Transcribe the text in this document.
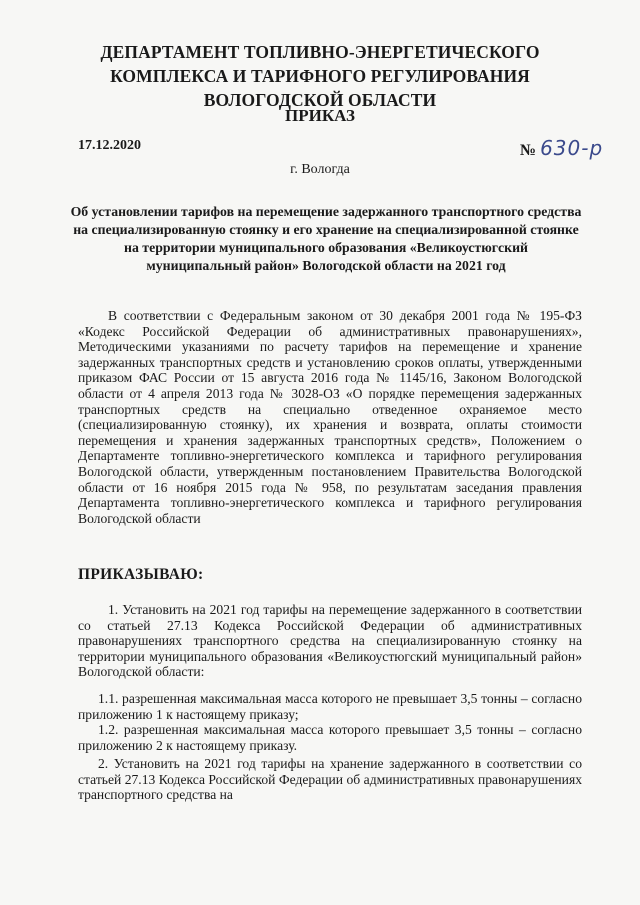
ДЕПАРТАМЕНТ ТОПЛИВНО-ЭНЕРГЕТИЧЕСКОГО КОМПЛЕКСА И ТАРИФНОГО РЕГУЛИРОВАНИЯ ВОЛОГОДСКОЙ ОБЛАСТИ
ПРИКАЗ
17.12.2020	№ 630-р
г. Вологда
Об установлении тарифов на перемещение задержанного транспортного средства на специализированную стоянку и его хранение на специализированной стоянке на территории муниципального образования «Великоустюгский муниципальный район» Вологодской области на 2021 год
В соответствии с Федеральным законом от 30 декабря 2001 года № 195-ФЗ «Кодекс Российской Федерации об административных правонарушениях», Методическими указаниями по расчету тарифов на перемещение и хранение задержанных транспортных средств и установлению сроков оплаты, утвержденными приказом ФАС России от 15 августа 2016 года № 1145/16, Законом Вологодской области от 4 апреля 2013 года № 3028-ОЗ «О порядке перемещения задержанных транспортных средств на специально отведенное охраняемое место (специализированную стоянку), их хранения и возврата, оплаты стоимости перемещения и хранения задержанных транспортных средств», Положением о Департаменте топливно-энергетического комплекса и тарифного регулирования Вологодской области, утвержденным постановлением Правительства Вологодской области от 16 ноября 2015 года № 958, по результатам заседания правления Департамента топливно-энергетического комплекса и тарифного регулирования Вологодской области
ПРИКАЗЫВАЮ:
1. Установить на 2021 год тарифы на перемещение задержанного в соответствии со статьей 27.13 Кодекса Российской Федерации об административных правонарушениях транспортного средства на специализированную стоянку на территории муниципального образования «Великоустюгский муниципальный район» Вологодской области:
1.1. разрешенная максимальная масса которого не превышает 3,5 тонны – согласно приложению 1 к настоящему приказу;
1.2. разрешенная максимальная масса которого превышает 3,5 тонны – согласно приложению 2 к настоящему приказу.
2. Установить на 2021 год тарифы на хранение задержанного в соответствии со статьей 27.13 Кодекса Российской Федерации об административных правонарушениях транспортного средства на
